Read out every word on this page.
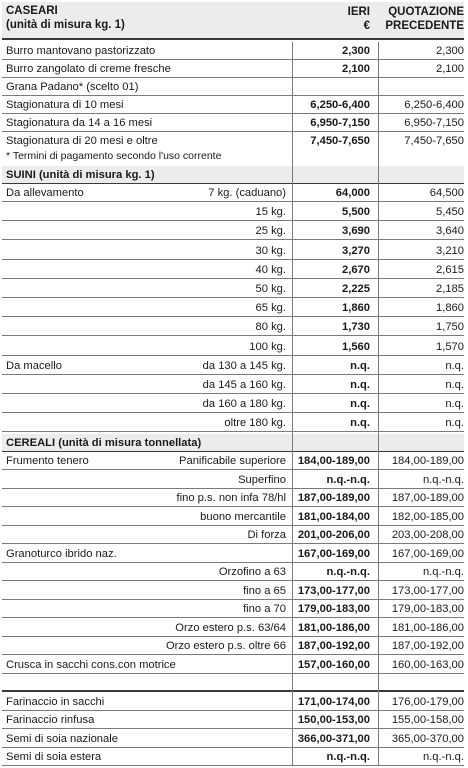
CASEARI
(unità di misura kg. 1)
IERI
€
QUOTAZIONE
PRECEDENTE
Burro mantovano pastorizzato	2,300	2,300
Burro zangolato di creme fresche	2,100	2,100
Grana Padano* (scelto 01)
Stagionatura di 10 mesi	6,250-6,400	6,250-6,400
Stagionatura da 14 a 16 mesi	6,950-7,150	6,950-7,150
Stagionatura di 20 mesi e oltre	7,450-7,650	7,450-7,650
* Termini di pagamento secondo l'uso corrente
SUINI (unità di misura kg. 1)
Da allevamento	7 kg. (caduano)	64,000	64,500
15 kg.	5,500	5,450
25 kg.	3,690	3,640
30 kg.	3,270	3,210
40 kg.	2,670	2,615
50 kg.	2,225	2,185
65 kg.	1,860	1,860
80 kg.	1,730	1,750
100 kg.	1,560	1,570
Da macello	da 130 a 145 kg.	n.q.	n.q.
da 145 a 160 kg.	n.q.	n.q.
da 160 a 180 kg.	n.q.	n.q.
oltre 180 kg.	n.q.	n.q.
CEREALI (unità di misura tonnellata)
Frumento tenero	Panificabile superiore	184,00-189,00	184,00-189,00
Superfino	n.q.-n.q.	n.q.-n.q.
fino p.s. non infa 78/hl	187,00-189,00	187,00-189,00
buono mercantile	181,00-184,00	182,00-185,00
Di forza	201,00-206,00	203,00-208,00
Granoturco ibrido naz.	167,00-169,00	167,00-169,00
Orzofino a 63	n.q.-n.q.	n.q.-n.q.
fino a 65	173,00-177,00	173,00-177,00
fino a 70	179,00-183,00	179,00-183,00
Orzo estero p.s. 63/64	181,00-186,00	181,00-186,00
Orzo estero p.s. oltre 66	187,00-192,00	187,00-192,00
Crusca in sacchi cons.con motrice	157,00-160,00	160,00-163,00
Farinaccio in sacchi	171,00-174,00	176,00-179,00
Farinaccio rinfusa	150,00-153,00	155,00-158,00
Semi di soia nazionale	366,00-371,00	365,00-370,00
Semi di soia estera	n.q.-n.q.	n.q.-n.q.
